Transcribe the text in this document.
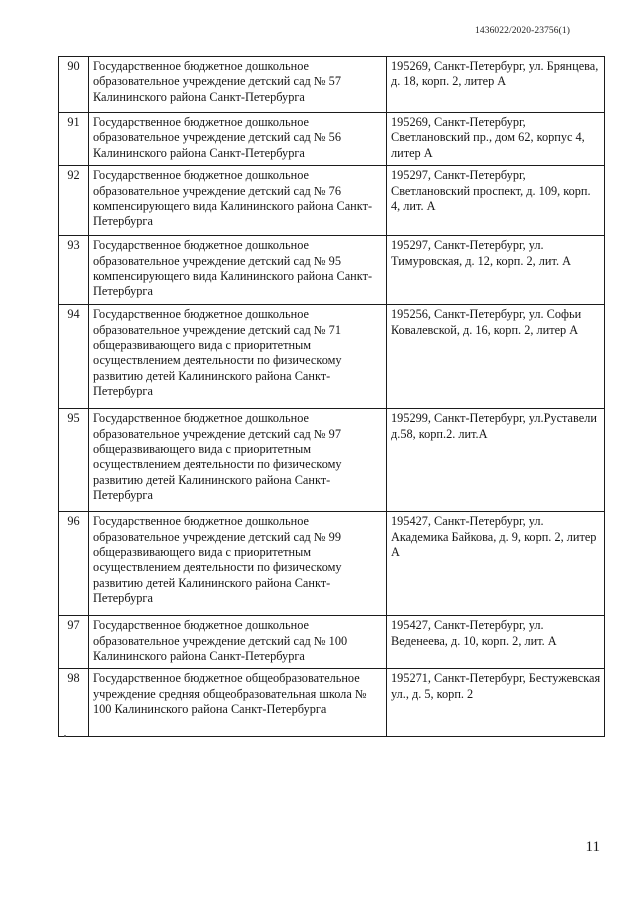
1436022/2020-23756(1)
90	Государственное бюджетное дошкольное образовательное учреждение детский сад № 57 Калининского района Санкт-Петербурга	195269, Санкт-Петербург, ул. Брянцева, д. 18, корп. 2, литер А
91	Государственное бюджетное дошкольное образовательное учреждение детский сад № 56 Калининского района Санкт-Петербурга	195269, Санкт-Петербург, Светлановский пр., дом 62, корпус 4, литер А
92	Государственное бюджетное дошкольное образовательное учреждение детский сад № 76 компенсирующего вида Калининского района Санкт-Петербурга	195297, Санкт-Петербург, Светлановский проспект, д. 109, корп. 4, лит. А
93	Государственное бюджетное дошкольное образовательное учреждение детский сад № 95 компенсирующего вида Калининского района Санкт-Петербурга	195297, Санкт-Петербург, ул. Тимуровская, д. 12, корп. 2, лит. А
94	Государственное бюджетное дошкольное образовательное учреждение детский сад № 71 общеразвивающего вида с приоритетным осуществлением деятельности по физическому развитию детей Калининского района Санкт-Петербурга	195256, Санкт-Петербург, ул. Софьи Ковалевской, д. 16, корп. 2, литер А
95	Государственное бюджетное дошкольное образовательное учреждение детский сад № 97 общеразвивающего вида с приоритетным осуществлением деятельности по физическому развитию детей Калининского района Санкт-Петербурга	195299, Санкт-Петербург, ул.Руставели д.58, корп.2. лит.А
96	Государственное бюджетное дошкольное образовательное учреждение детский сад № 99 общеразвивающего вида с приоритетным осуществлением деятельности по физическому развитию детей Калининского района Санкт-Петербурга	195427, Санкт-Петербург, ул. Академика Байкова, д. 9, корп. 2, литер А
97	Государственное бюджетное дошкольное образовательное учреждение детский сад № 100 Калининского района Санкт-Петербурга	195427, Санкт-Петербург, ул. Веденеева, д. 10, корп. 2, лит. А
98	Государственное бюджетное общеобразовательное учреждение средняя общеобразовательная школа № 100 Калининского района Санкт-Петербурга	195271, Санкт-Петербург, Бестужевская ул., д. 5, корп. 2
11
